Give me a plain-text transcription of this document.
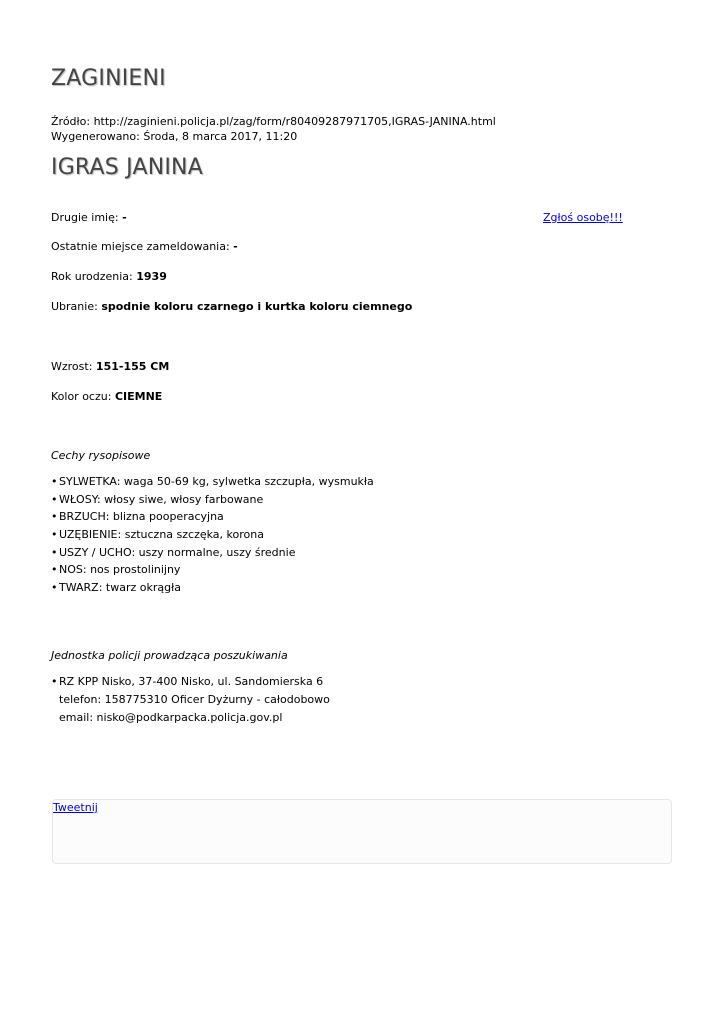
ZAGINIENI
Źródło: http://zaginieni.policja.pl/zag/form/r80409287971705,IGRAS-JANINA.html
Wygenerowano: Środa, 8 marca 2017, 11:20
IGRAS JANINA
Zgłoś osobę!!!
Drugie imię: -
Ostatnie miejsce zameldowania: -
Rok urodzenia: 1939
Ubranie: spodnie koloru czarnego i kurtka koloru ciemnego
Wzrost: 151-155 CM
Kolor oczu: CIEMNE
Cechy rysopisowe
• SYLWETKA: waga 50-69 kg, sylwetka szczupła, wysmukła
• WŁOSY: włosy siwe, włosy farbowane
• BRZUCH: blizna pooperacyjna
• UZĘBIENIE: sztuczna szczęka, korona
• USZY / UCHO: uszy normalne, uszy średnie
• NOS: nos prostolinijny
• TWARZ: twarz okrągła
Jednostka policji prowadząca poszukiwania
• RZ KPP Nisko, 37-400 Nisko, ul. Sandomierska 6
telefon: 158775310 Oficer Dyżurny - całodobowo
email: nisko@podkarpacka.policja.gov.pl
Tweetnij
